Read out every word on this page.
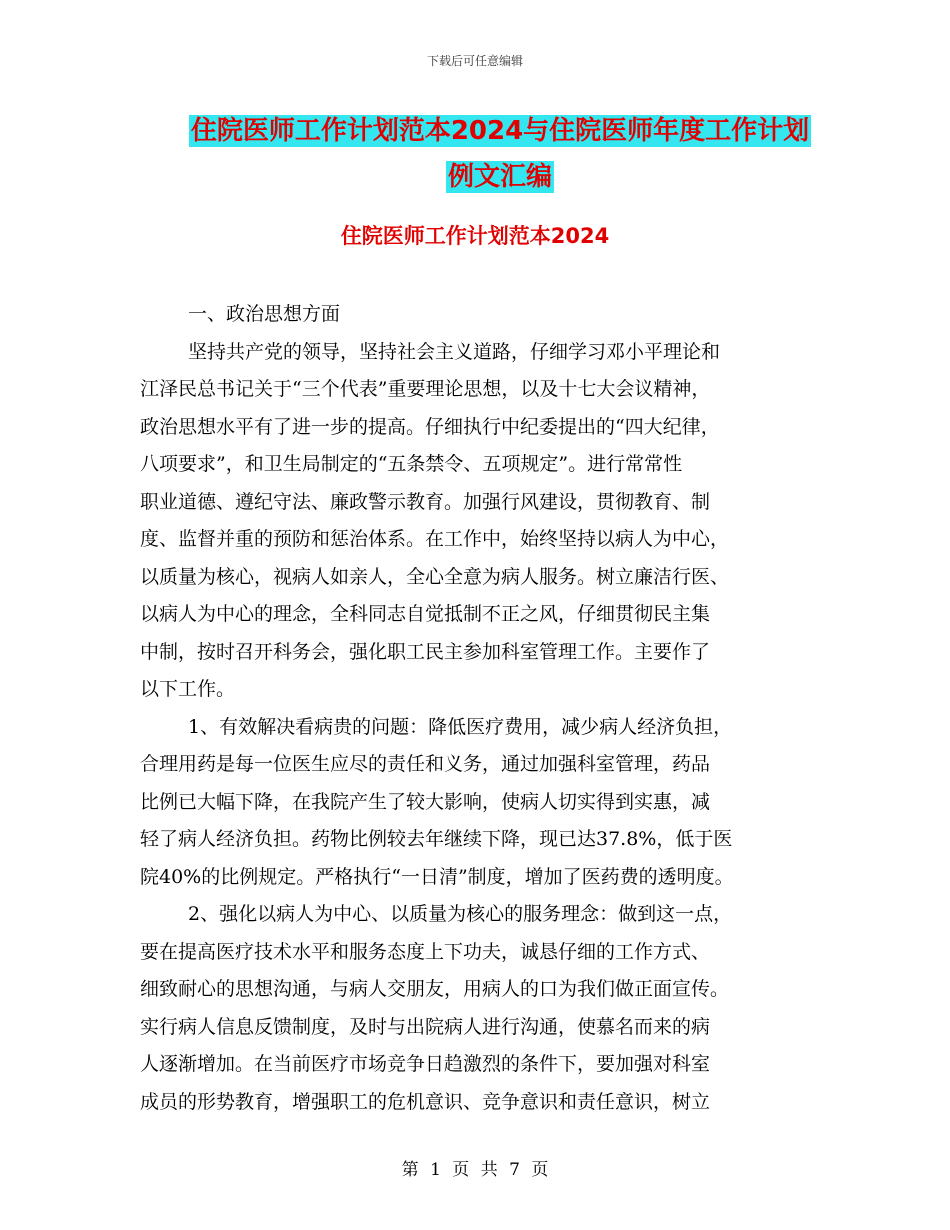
下载后可任意编辑
住院医师工作计划范本2024与住院医师年度工作计划
例文汇编
住院医师工作计划范本2024
一、政治思想方面
坚持共产党的领导，坚持社会主义道路，仔细学习邓小平理论和
江泽民总书记关于“三个代表”重要理论思想，以及十七大会议精神，
政治思想水平有了进一步的提高。仔细执行中纪委提出的“四大纪律，
八项要求”，和卫生局制定的“五条禁令、五项规定”。进行常常性
职业道德、遵纪守法、廉政警示教育。加强行风建设，贯彻教育、制
度、监督并重的预防和惩治体系。在工作中，始终坚持以病人为中心，
以质量为核心，视病人如亲人，全心全意为病人服务。树立廉洁行医、
以病人为中心的理念，全科同志自觉抵制不正之风，仔细贯彻民主集
中制，按时召开科务会，强化职工民主参加科室管理工作。主要作了
以下工作。
1、有效解决看病贵的问题：降低医疗费用，减少病人经济负担，
合理用药是每一位医生应尽的责任和义务，通过加强科室管理，药品
比例已大幅下降，在我院产生了较大影响，使病人切实得到实惠，减
轻了病人经济负担。药物比例较去年继续下降，现已达37.8%，低于医
院40%的比例规定。严格执行“一日清”制度，增加了医药费的透明度。
2、强化以病人为中心、以质量为核心的服务理念：做到这一点，
要在提高医疗技术水平和服务态度上下功夫，诚恳仔细的工作方式、
细致耐心的思想沟通，与病人交朋友，用病人的口为我们做正面宣传。
实行病人信息反馈制度，及时与出院病人进行沟通，使慕名而来的病
人逐渐增加。在当前医疗市场竞争日趋激烈的条件下，要加强对科室
成员的形势教育，增强职工的危机意识、竞争意识和责任意识，树立
第 1 页 共 7 页
